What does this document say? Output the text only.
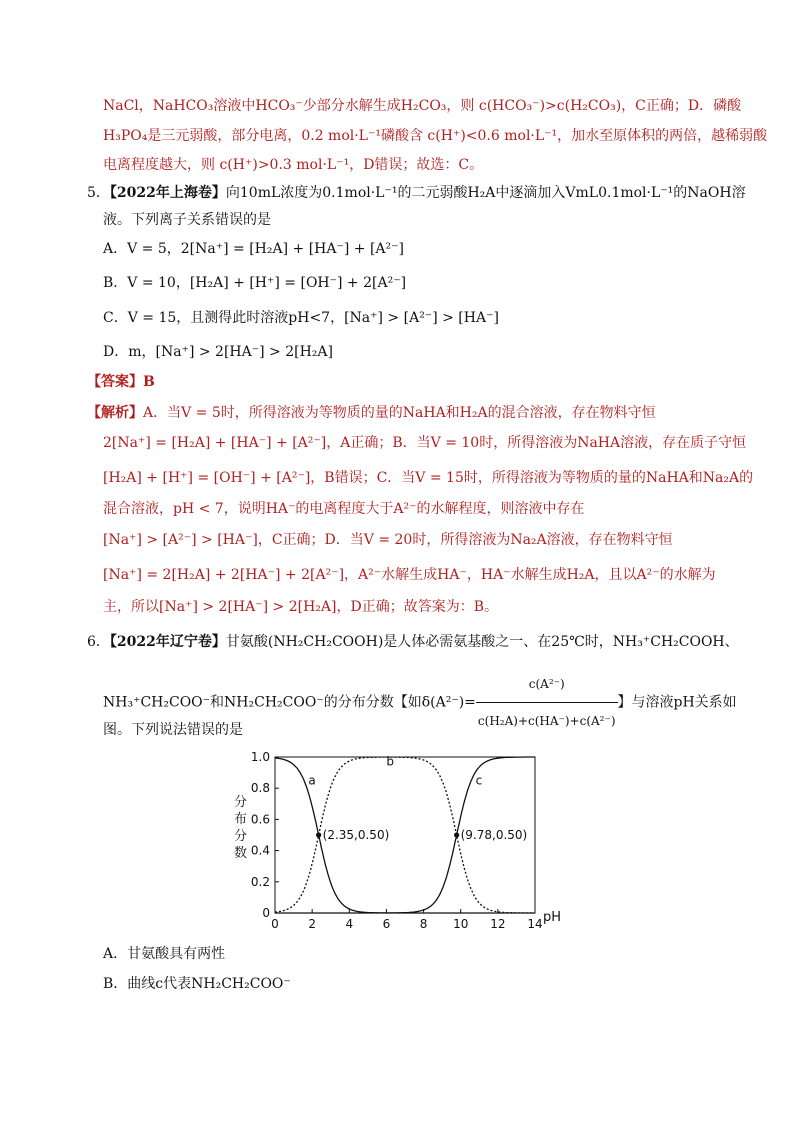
NaCl，NaHCO₃溶液中HCO₃⁻少部分水解生成H₂CO₃，则 c(HCO₃⁻)>c(H₂CO₃)，C正确；D．磷酸
H₃PO₄是三元弱酸，部分电离，0.2 mol·L⁻¹磷酸含 c(H⁺)<0.6 mol·L⁻¹，加水至原体积的两倍，越稀弱酸
电离程度越大，则 c(H⁺)>0.3 mol·L⁻¹，D错误；故选：C。
5．【2022年上海卷】向10mL浓度为0.1mol·L⁻¹的二元弱酸H₂A中逐滴加入VmL0.1mol·L⁻¹的NaOH溶
液。下列离子关系错误的是
A．V = 5，2[Na⁺] = [H₂A] + [HA⁻] + [A²⁻]
B．V = 10，[H₂A] + [H⁺] = [OH⁻] + 2[A²⁻]
C．V = 15，且测得此时溶液pH<7，[Na⁺] > [A²⁻] > [HA⁻]
D．m，[Na⁺] > 2[HA⁻] > 2[H₂A]
【答案】B
【解析】A．当V = 5时，所得溶液为等物质的量的NaHA和H₂A的混合溶液，存在物料守恒
2[Na⁺] = [H₂A] + [HA⁻] + [A²⁻]，A正确；B．当V = 10时，所得溶液为NaHA溶液，存在质子守恒
[H₂A] + [H⁺] = [OH⁻] + [A²⁻]，B错误；C．当V = 15时，所得溶液为等物质的量的NaHA和Na₂A的
混合溶液，pH < 7，说明HA⁻的电离程度大于A²⁻的水解程度，则溶液中存在
[Na⁺] > [A²⁻] > [HA⁻]，C正确；D．当V = 20时，所得溶液为Na₂A溶液，存在物料守恒
[Na⁺] = 2[H₂A] + 2[HA⁻] + 2[A²⁻]，A²⁻水解生成HA⁻，HA⁻水解生成H₂A，且以A²⁻的水解为
主，所以[Na⁺] > 2[HA⁻] > 2[H₂A]，D正确；故答案为：B。
6．【2022年辽宁卷】甘氨酸(NH₂CH₂COOH)是人体必需氨基酸之一、在25℃时，NH₃⁺CH₂COOH、
NH₃⁺CH₂COO⁻和NH₂CH₂COO⁻的分布分数【如$\delta(A^{2-})= \frac{\text{c(A²⁻)}}{\text{c(H₂A)+c(HA⁻)+c(A²⁻)}}$ 】与溶液pH关系如
图。下列说法错误的是
0 2 4 6 8 10 12 14
0
0.2
0.4
0.6
0.8
1.0
pH
分
布
分
数
a
b
c
(2.35,0.50)	(9.78,0.50)
A．甘氨酸具有两性
B．曲线c代表NH₂CH₂COO⁻
